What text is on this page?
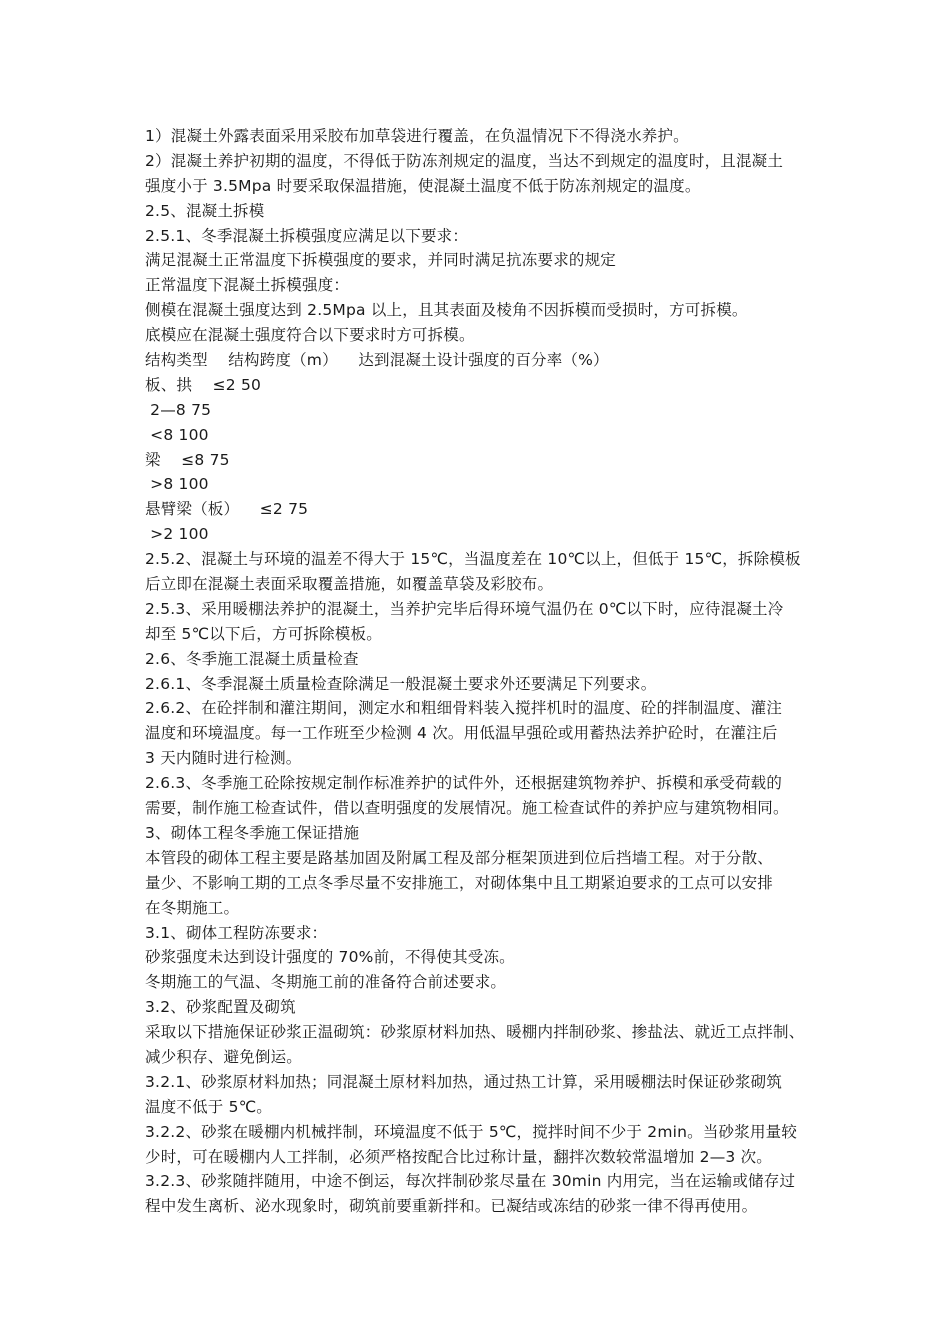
1）混凝土外露表面采用采胶布加草袋进行覆盖，在负温情况下不得浇水养护。
2）混凝土养护初期的温度，不得低于防冻剂规定的温度，当达不到规定的温度时，且混凝土
强度小于 3.5Mpa 时要采取保温措施，使混凝土温度不低于防冻剂规定的温度。
2.5、混凝土拆模
2.5.1、冬季混凝土拆模强度应满足以下要求：
满足混凝土正常温度下拆模强度的要求，并同时满足抗冻要求的规定
正常温度下混凝土拆模强度：
侧模在混凝土强度达到 2.5Mpa 以上，且其表面及棱角不因拆模而受损时，方可拆模。
底模应在混凝土强度符合以下要求时方可拆模。
结构类型    结构跨度（m）    达到混凝土设计强度的百分率（%）
板、拱    ≤2 50
2—8 75
<8 100
梁    ≤8 75
>8 100
悬臂梁（板）    ≤2 75
>2 100
2.5.2、混凝土与环境的温差不得大于 15℃，当温度差在 10℃以上，但低于 15℃，拆除模板
后立即在混凝土表面采取覆盖措施，如覆盖草袋及彩胶布。
2.5.3、采用暖棚法养护的混凝土，当养护完毕后得环境气温仍在 0℃以下时，应待混凝土冷
却至 5℃以下后，方可拆除模板。
2.6、冬季施工混凝土质量检查
2.6.1、冬季混凝土质量检查除满足一般混凝土要求外还要满足下列要求。
2.6.2、在砼拌制和灌注期间，测定水和粗细骨料装入搅拌机时的温度、砼的拌制温度、灌注
温度和环境温度。每一工作班至少检测 4 次。用低温早强砼或用蓄热法养护砼时，在灌注后
3 天内随时进行检测。
2.6.3、冬季施工砼除按规定制作标准养护的试件外，还根据建筑物养护、拆模和承受荷载的
需要，制作施工检查试件，借以查明强度的发展情况。施工检查试件的养护应与建筑物相同。
3、砌体工程冬季施工保证措施
本管段的砌体工程主要是路基加固及附属工程及部分框架顶进到位后挡墙工程。对于分散、
量少、不影响工期的工点冬季尽量不安排施工，对砌体集中且工期紧迫要求的工点可以安排
在冬期施工。
3.1、砌体工程防冻要求：
砂浆强度未达到设计强度的 70%前，不得使其受冻。
冬期施工的气温、冬期施工前的准备符合前述要求。
3.2、砂浆配置及砌筑
采取以下措施保证砂浆正温砌筑：砂浆原材料加热、暖棚内拌制砂浆、掺盐法、就近工点拌制、
减少积存、避免倒运。
3.2.1、砂浆原材料加热；同混凝土原材料加热，通过热工计算，采用暖棚法时保证砂浆砌筑
温度不低于 5℃。
3.2.2、砂浆在暖棚内机械拌制，环境温度不低于 5℃，搅拌时间不少于 2min。当砂浆用量较
少时，可在暖棚内人工拌制，必须严格按配合比过称计量，翻拌次数较常温增加 2—3 次。
3.2.3、砂浆随拌随用，中途不倒运，每次拌制砂浆尽量在 30min 内用完，当在运输或储存过
程中发生离析、泌水现象时，砌筑前要重新拌和。已凝结或冻结的砂浆一律不得再使用。
